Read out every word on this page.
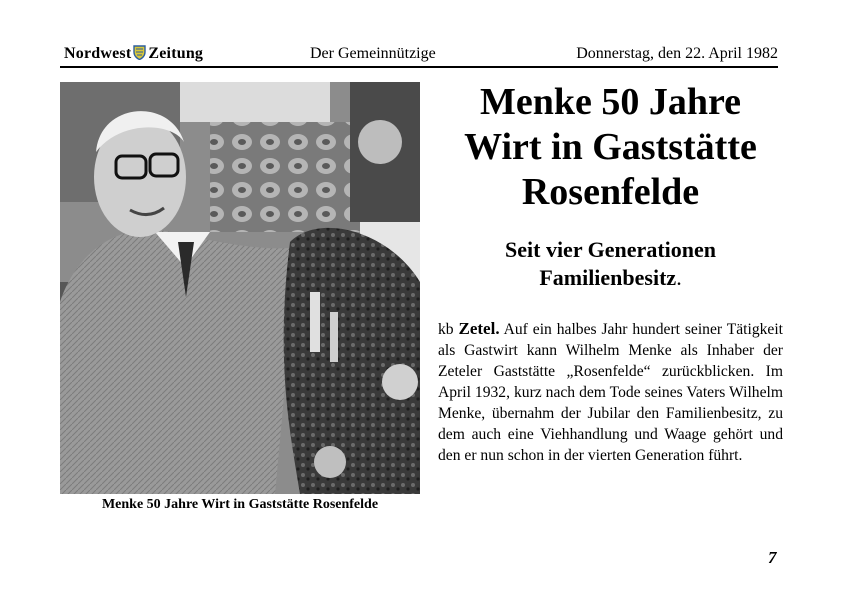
Nordwest Zeitung	Der Gemeinnützige	Donnerstag, den 22. April 1982
Menke 50 Jahre Wirt in Gaststätte Rosenfelde
Menke 50 Jahre
Wirt in Gaststätte
Rosenfelde
Seit vier Generationen
Familienbesitz.
kb Zetel. Auf ein halbes Jahr hundert seiner Tätigkeit als Gastwirt kann Wilhelm Menke als Inhaber der Zeteler Gaststätte „Rosenfelde“ zurückblicken. Im April 1932, kurz nach dem Tode seines Vaters Wilhelm Menke, übernahm der Jubilar den Familienbesitz, zu dem auch eine Viehhandlung und Waage gehört und den er nun schon in der vierten Generation führt.
7
